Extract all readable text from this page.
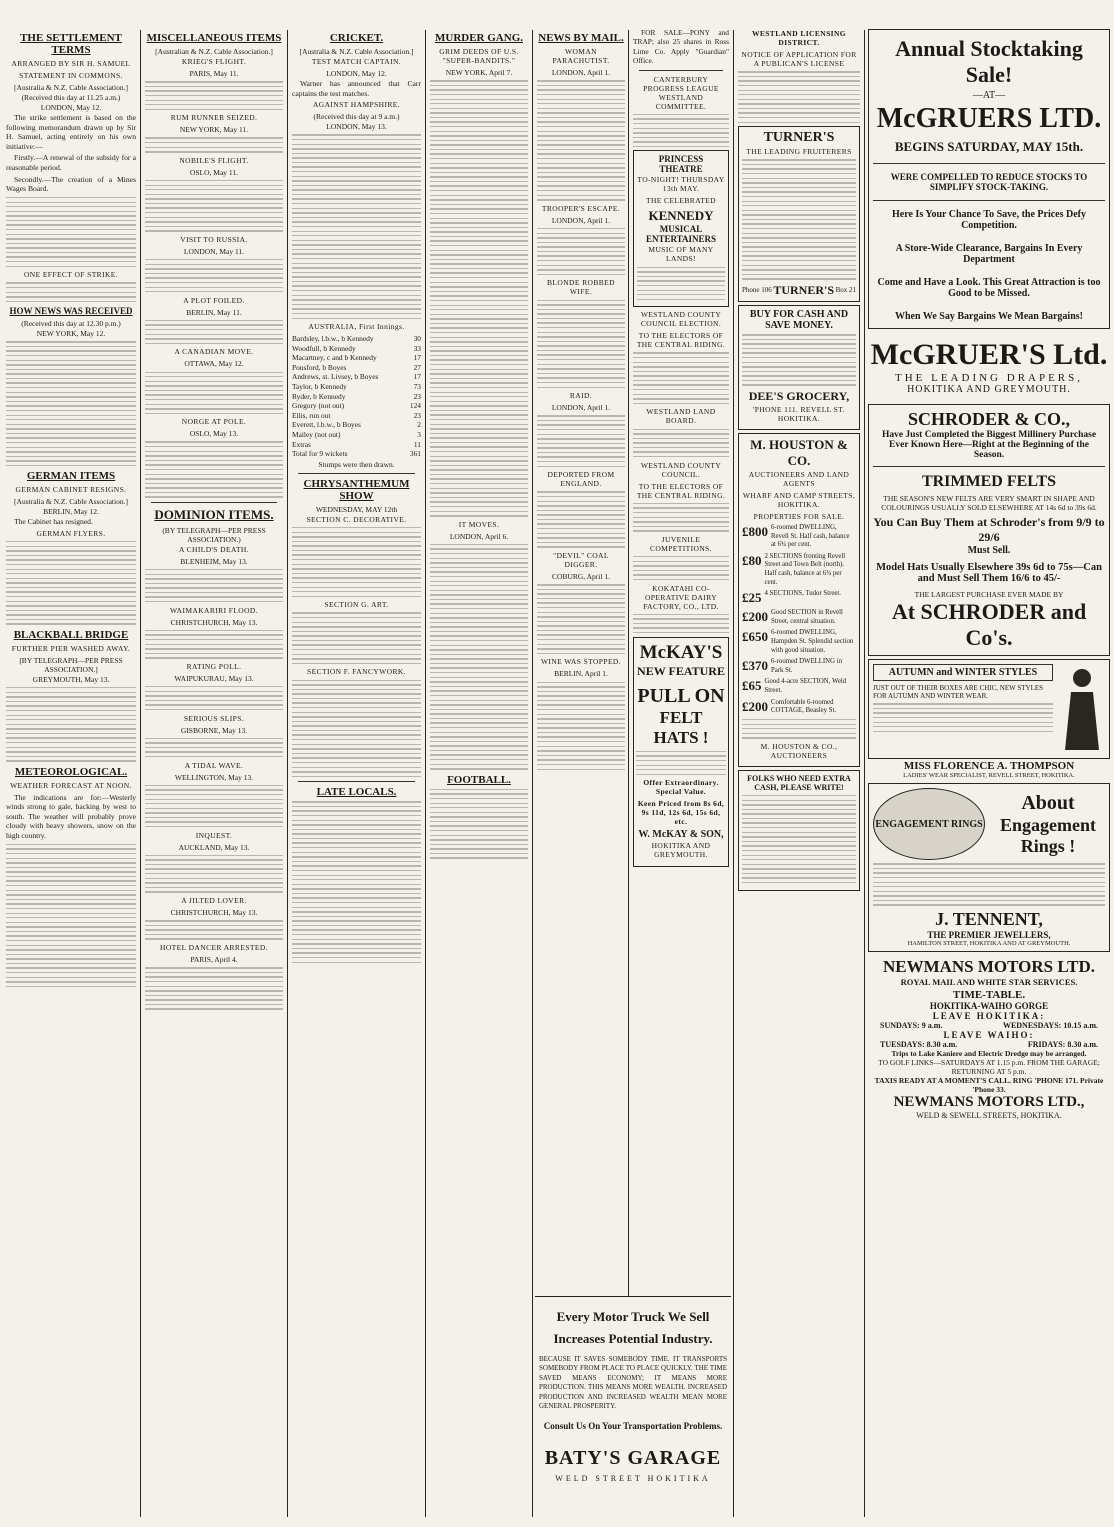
THE SETTLEMENT TERMS
ARRANGED BY SIR H. SAMUEL
STATEMENT IN COMMONS.
[Australia & N.Z. Cable Association.]
(Received this day at 11.25 a.m.)
LONDON, May 12.

The strike settlement is based on the following memorandum drawn up by Sir H. Samuel, acting entirely on his own initiative:—

Firstly.—A renewal of the subsidy for a reasonable period.

Secondly.—The creation of a Mines Wages Board.

ONE EFFECT OF STRIKE.
HOW NEWS WAS RECEIVED
(Received this day at 12.30 p.m.)
NEW YORK, May 12.
GERMAN ITEMS
GERMAN CABINET RESIGNS.
[Australia & N.Z. Cable Association.]
BERLIN, May 12.

The Cabinet has resigned.

GERMAN FLYERS.
BLACKBALL BRIDGE
FURTHER PIER WASHED AWAY.
[BY TELEGRAPH—PER PRESS ASSOCIATION.]
GREYMOUTH, May 13.
METEOROLOGICAL.
WEATHER FORECAST AT NOON.

The indications are for:—Westerly winds strong to gale, backing by west to south. The weather will probably prove cloudy with heavy showers, snow on the high country.

MISCELLANEOUS ITEMS
[Australian & N.Z. Cable Association.]
KRIEG'S FLIGHT.
PARIS, May 11.
RUM RUNNER SEIZED.
NEW YORK, May 11.
NOBILE'S FLIGHT.
OSLO, May 11.
VISIT TO RUSSIA.
LONDON, May 11.
A PLOT FOILED.
BERLIN, May 11.
A CANADIAN MOVE.
OTTAWA, May 12.
NORGE AT POLE.
OSLO, May 13.
DOMINION ITEMS.
(BY TELEGRAPH—PER PRESS ASSOCIATION.)
A CHILD'S DEATH.
BLENHEIM, May 13.
WAIMAKARIRI FLOOD.
CHRISTCHURCH, May 13.
RATING POLL.
WAIPUKURAU, May 13.
SERIOUS SLIPS.
GISBORNE, May 13.
A TIDAL WAVE.
WELLINGTON, May 13.
INQUEST.
AUCKLAND, May 13.
A JILTED LOVER.
CHRISTCHURCH, May 13.
HOTEL DANCER ARRESTED.
PARIS, April 4.
CRICKET.
[Australia & N.Z. Cable Association.]
TEST MATCH CAPTAIN.
LONDON, May 12.

Warner has announced that Carr captains the test matches.

AGAINST HAMPSHIRE.
(Received this day at 9 a.m.)
LONDON, May 13.
AUSTRALIA, First Innings.
Bardsley, l.b.w., b Kennedy	30
Woodfull, b Kennedy	33
Macartney, c and b Kennedy	17
Ponsford, b Boyes	27
Andrews, st. Livsey, b Boyes	17
Taylor, b Kennedy	73
Ryder, b Kennedy	23
Gregory (not out)	124
Ellis, run out	23
Everett, l.b.w., b Boyes	2
Mailey (not out)	3
Extras	11
Total for 9 wickets	361
Stumps were then drawn.
CHRYSANTHEMUM SHOW
WEDNESDAY, MAY 12th
SECTION C. DECORATIVE.
SECTION G. ART.
SECTION F. FANCYWORK.
LATE LOCALS.
MURDER GANG.
GRIM DEEDS OF U.S. "SUPER-BANDITS."
NEW YORK, April 7.
IT MOVES.
LONDON, April 6.
FOOTBALL.
NEWS BY MAIL.
WOMAN PARACHUTIST.
LONDON, April 1.
TROOPER'S ESCAPE.
LONDON, April 1.
BLONDE ROBBED WIFE.
RAID.
LONDON, April 1.
DEPORTED FROM ENGLAND.
"DEVIL" COAL DIGGER.
COBURG, April 1.
WINE WAS STOPPED.
BERLIN, April 1.

FOR SALE—PONY and TRAP; also 25 shares in Ross Lime Co. Apply "Guardian" Office.

CANTERBURY PROGRESS LEAGUE WESTLAND COMMITTEE.
PRINCESS THEATRE
TO-NIGHT! THURSDAY 13th MAY.
THE CELEBRATED
KENNEDY
MUSICAL ENTERTAINERS
MUSIC OF MANY LANDS!
WESTLAND COUNTY COUNCIL ELECTION.
TO THE ELECTORS OF THE CENTRAL RIDING.
WESTLAND LAND BOARD.
WESTLAND COUNTY COUNCIL.
TO THE ELECTORS OF THE CENTRAL RIDING.
JUVENILE COMPETITIONS.
KOKATAHI CO-OPERATIVE DAIRY FACTORY, CO., LTD.
McKAY'S
NEW FEATURE
PULL ON
FELT HATS !
Offer Extraordinary. Special Value.
Keen Priced from 8s 6d, 9s 11d, 12s 6d, 15s 6d, etc.
W. McKAY & SON,
HOKITIKA AND GREYMOUTH.
Every Motor Truck We Sell
Increases Potential Industry.
BECAUSE IT SAVES SOMEBODY TIME. IT TRANSPORTS SOMEBODY FROM PLACE TO PLACE QUICKLY. THE TIME SAVED MEANS ECONOMY; IT MEANS MORE PRODUCTION. THIS MEANS MORE WEALTH. INCREASED PRODUCTION AND INCREASED WEALTH MEAN MORE GENERAL PROSPERITY.
Consult Us On Your Transportation Problems.
BATY'S GARAGE
WELD STREET HOKITIKA
WESTLAND LICENSING DISTRICT.
NOTICE OF APPLICATION FOR A PUBLICAN'S LICENSE
TURNER'S
THE LEADING FRUITERERS
Phone 106 TURNER'S Box 21
BUY FOR CASH AND SAVE MONEY.
DEE'S GROCERY,
'PHONE 111. REVELL ST. HOKITIKA.
M. HOUSTON & CO.
AUCTIONEERS AND LAND AGENTS
WHARF AND CAMP STREETS, HOKITIKA.
PROPERTIES FOR SALE.
£800 6-roomed DWELLING, Revell St. Half cash, balance at 6¾ per cent.
£80 2 SECTIONS fronting Revell Street and Town Belt (north). Half cash, balance at 6¾ per cent.
£25 4 SECTIONS, Tudor Street.
£200 Good SECTION in Revell Street, central situation.
£650 6-roomed DWELLING, Hampden St. Splendid section with good situation.
£370 6-roomed DWELLING in Park St.
£65 Good 4-acre SECTION, Weld Street.
£200 Comfortable 6-roomed COTTAGE, Beasley St.
M. HOUSTON & CO., AUCTIONEERS
FOLKS WHO NEED EXTRA CASH, PLEASE WRITE!
Annual Stocktaking Sale!
—AT—
McGRUERS LTD.
BEGINS SATURDAY, MAY 15th.
WERE COMPELLED TO REDUCE STOCKS TO SIMPLIFY STOCK-TAKING.
Here Is Your Chance To Save, the Prices Defy Competition.
A Store-Wide Clearance, Bargains In Every Department
Come and Have a Look. This Great Attraction is too Good to be Missed.
When We Say Bargains We Mean Bargains!
McGRUER'S Ltd.
THE LEADING DRAPERS,
HOKITIKA AND GREYMOUTH.
SCHRODER & CO.,
Have Just Completed the Biggest Millinery Purchase Ever Known Here—Right at the Beginning of the Season.
TRIMMED FELTS
THE SEASON'S NEW FELTS ARE VERY SMART IN SHAPE AND COLOURINGS USUALLY SOLD ELSEWHERE AT 14s 6d to 39s 6d.
You Can Buy Them at Schroder's from 9/9 to 29/6
Must Sell.
Model Hats Usually Elsewhere 39s 6d to 75s—Can and Must Sell Them 16/6 to 45/-
THE LARGEST PURCHASE EVER MADE BY
At SCHRODER and Co's.
AUTUMN and WINTER STYLES
JUST OUT OF THEIR BOXES ARE CHIC, NEW STYLES FOR AUTUMN AND WINTER WEAR.
MISS FLORENCE A. THOMPSON
LADIES' WEAR SPECIALIST, REVELL STREET, HOKITIKA.
ENGAGEMENT RINGS
About
Engagement
Rings !
J. TENNENT,
THE PREMIER JEWELLERS,
HAMILTON STREET, HOKITIKA AND AT GREYMOUTH.
NEWMANS MOTORS LTD.
ROYAL MAIL AND WHITE STAR SERVICES.
TIME-TABLE.
HOKITIKA-WAIHO GORGE
LEAVE HOKITIKA:
SUNDAYS: 9 a.m.	WEDNESDAYS: 10.15 a.m.
LEAVE WAIHO:
TUESDAYS: 8.30 a.m.	FRIDAYS: 8.30 a.m.
Trips to Lake Kaniere and Electric Dredge may be arranged.
TO GOLF LINKS—SATURDAYS AT 1.15 p.m. FROM THE GARAGE; RETURNING AT 5 p.m.
TAXIS READY AT A MOMENT'S CALL. RING 'PHONE 171. Private 'Phone 33.
NEWMANS MOTORS LTD.,
WELD & SEWELL STREETS, HOKITIKA.
